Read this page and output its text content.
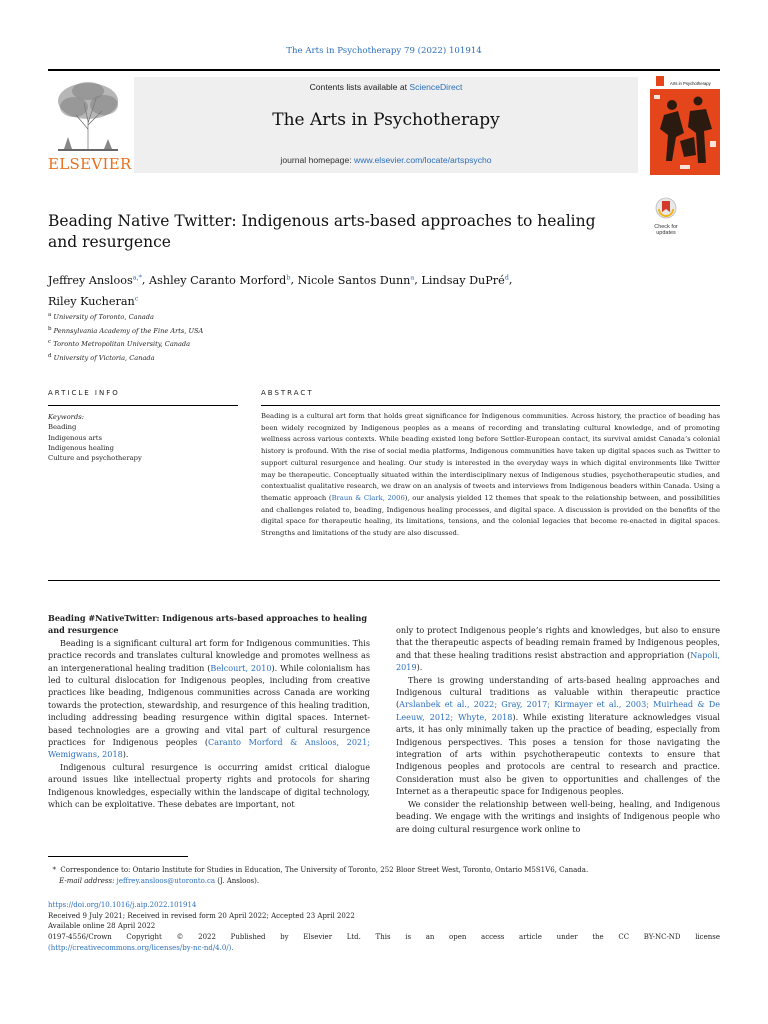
The Arts in Psychotherapy 79 (2022) 101914
ELSEVIER
Contents lists available at ScienceDirect
The Arts in Psychotherapy
journal homepage: www.elsevier.com/locate/artspsycho
Arts in Psychotherapy
Check for
updates
Beading Native Twitter: Indigenous arts-based approaches to healing and resurgence
Jeffrey Ansloos$^{a,*}$, Ashley Caranto Morford$^b$, Nicole Santos Dunn$^a$, Lindsay DuPré$^d$,
Riley Kucheran$^c$
$^a$ University of Toronto, Canada
$^b$ Pennsylvania Academy of the Fine Arts, USA
$^c$ Toronto Metropolitan University, Canada
$^d$ University of Victoria, Canada
ARTICLE INFO	ABSTRACT
Keywords:
Beading
Indigenous arts
Indigenous healing
Culture and psychotherapy
Beading is a cultural art form that holds great significance for Indigenous communities. Across history, the practice of beading has been widely recognized by Indigenous peoples as a means of recording and translating cultural knowledge, and of promoting wellness across various contexts. While beading existed long before Settler-European contact, its survival amidst Canada’s colonial history is profound. With the rise of social media platforms, Indigenous communities have taken up digital spaces such as Twitter to support cultural resurgence and healing. Our study is interested in the everyday ways in which digital environments like Twitter may be therapeutic. Conceptually situated within the interdisciplinary nexus of Indigenous studies, psychotherapeutic studies, and contextualist qualitative research, we draw on an analysis of tweets and interviews from Indigenous beaders within Canada. Using a thematic approach (Braun & Clark, 2006), our analysis yielded 12 themes that speak to the relationship between, and possibilities and challenges related to, beading, Indigenous healing processes, and digital space. A discussion is provided on the benefits of the digital space for therapeutic healing, its limitations, tensions, and the colonial legacies that become re-enacted in digital spaces. Strengths and limitations of the study are also discussed.

Beading #NativeTwitter: Indigenous arts-based approaches to healing and resurgence

Beading is a significant cultural art form for Indigenous communities. This practice records and translates cultural knowledge and promotes wellness as an intergenerational healing tradition (Belcourt, 2010). While colonialism has led to cultural dislocation for Indigenous peoples, including from creative practices like beading, Indigenous communities across Canada are working towards the protection, stewardship, and resurgence of this healing tradition, including addressing beading resurgence within digital spaces. Internet-based technologies are a growing and vital part of cultural resurgence practices for Indigenous peoples (Caranto Morford & Ansloos, 2021; Wemigwans, 2018).

Indigenous cultural resurgence is occurring amidst critical dialogue around issues like intellectual property rights and protocols for sharing Indigenous knowledges, especially within the landscape of digital technology, which can be exploitative. These debates are important, not

only to protect Indigenous people’s rights and knowledges, but also to ensure that the therapeutic aspects of beading remain framed by Indigenous peoples, and that these healing traditions resist abstraction and appropriation (Napoli, 2019).

There is growing understanding of arts-based healing approaches and Indigenous cultural traditions as valuable within therapeutic practice (Arslanbek et al., 2022; Gray, 2017; Kirmayer et al., 2003; Muirhead & De Leeuw, 2012; Whyte, 2018). While existing literature acknowledges visual arts, it has only minimally taken up the practice of beading, especially from Indigenous perspectives. This poses a tension for those navigating the integration of arts within psychotherapeutic contexts to ensure that Indigenous peoples and protocols are central to research and practice. Consideration must also be given to opportunities and challenges of the Internet as a therapeutic space for Indigenous peoples.

We consider the relationship between well-being, healing, and Indigenous beading. We engage with the writings and insights of Indigenous people who are doing cultural resurgence work online to

*  Correspondence to: Ontario Institute for Studies in Education, The University of Toronto, 252 Bloor Street West, Toronto, Ontario M5S1V6, Canada.
E-mail address: jeffrey.ansloos@utoronto.ca (J. Ansloos).
https://doi.org/10.1016/j.aip.2022.101914
Received 9 July 2021; Received in revised form 20 April 2022; Accepted 23 April 2022
Available online 28 April 2022
0197-4556/Crown Copyright © 2022 Published by Elsevier Ltd. This is an open access article under the CC BY-NC-ND license
(http://creativecommons.org/licenses/by-nc-nd/4.0/).
